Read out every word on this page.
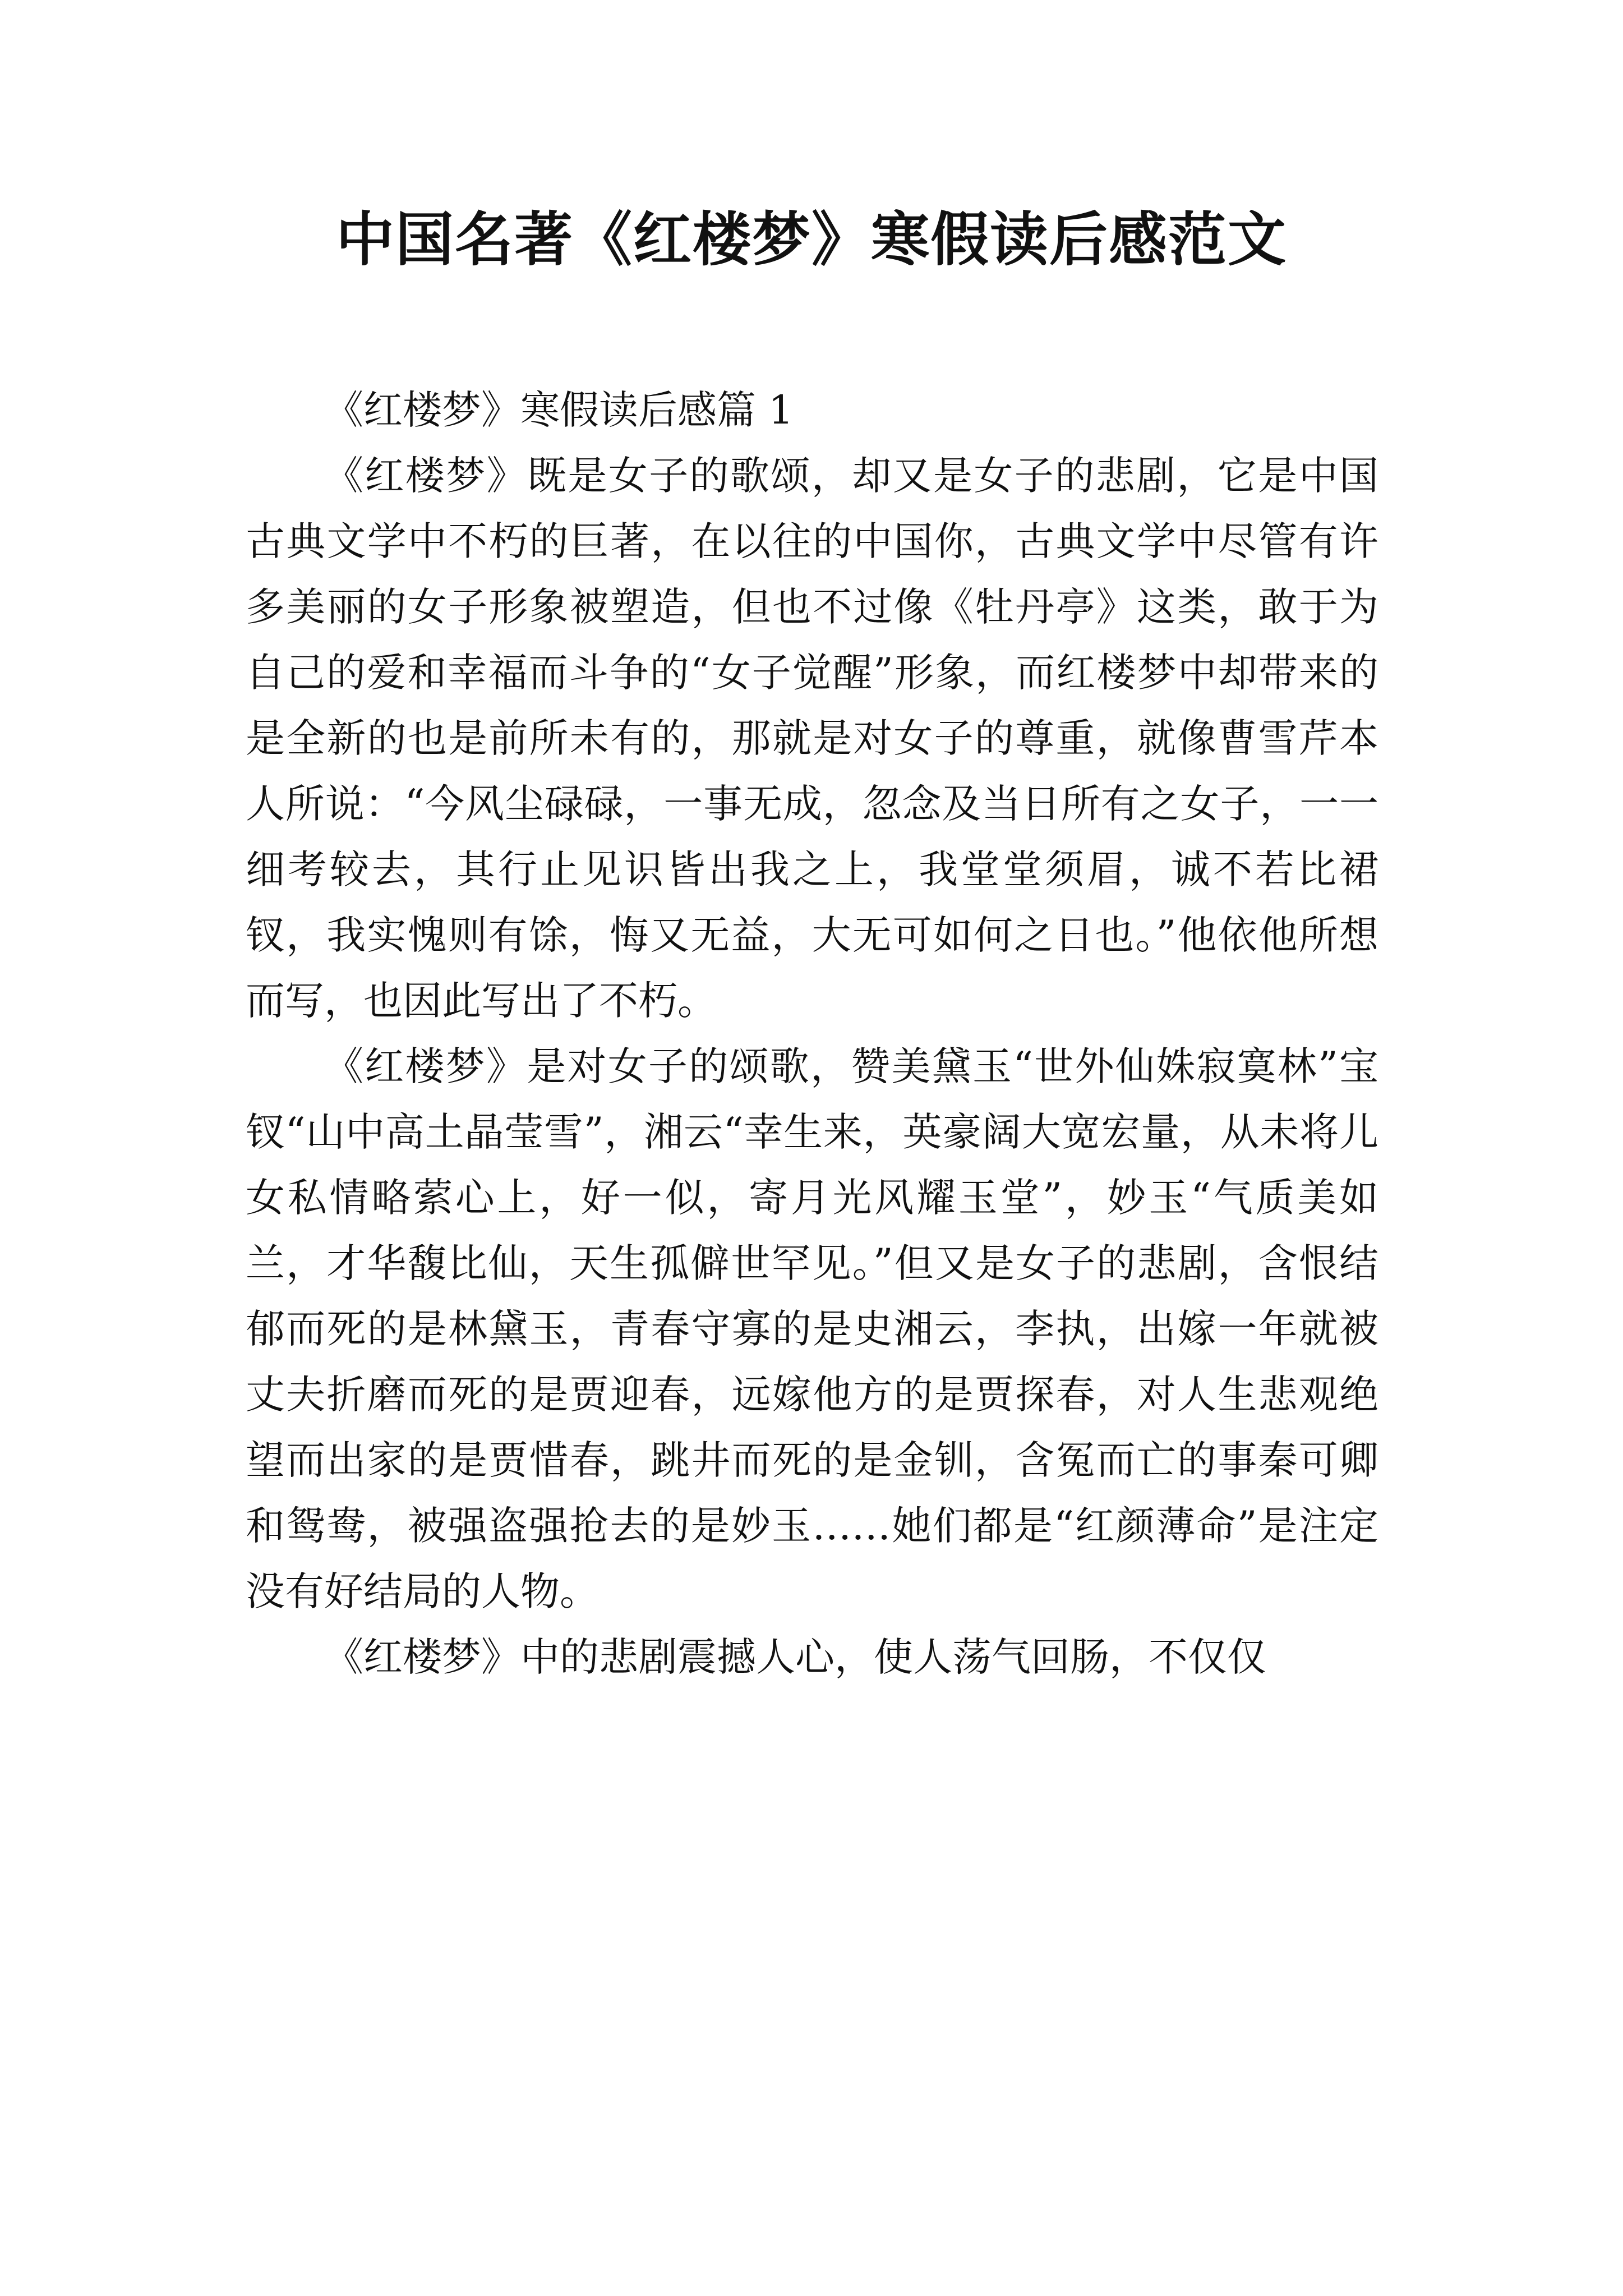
中国名著《红楼梦》寒假读后感范文

《红楼梦》寒假读后感篇 1

《红楼梦》既是女子的歌颂，却又是女子的悲剧，它是中国古典文学中不朽的巨著，在以往的中国你，古典文学中尽管有许多美丽的女子形象被塑造，但也不过像《牡丹亭》这类，敢于为自己的爱和幸福而斗争的“女子觉醒”形象，而红楼梦中却带来的是全新的也是前所未有的，那就是对女子的尊重，就像曹雪芹本人所说：“今风尘碌碌，一事无成，忽念及当日所有之女子，一一细考较去，其行止见识皆出我之上，我堂堂须眉，诚不若比裙钗，我实愧则有馀，悔又无益，大无可如何之日也。”他依他所想而写，也因此写出了不朽。

《红楼梦》是对女子的颂歌，赞美黛玉“世外仙姝寂寞林”宝钗“山中高土晶莹雪”，湘云“幸生来，英豪阔大宽宏量，从未将儿女私情略萦心上，好一似，寄月光风耀玉堂”，妙玉“气质美如兰，才华馥比仙，天生孤僻世罕见。”但又是女子的悲剧，含恨结郁而死的是林黛玉，青春守寡的是史湘云，李执，出嫁一年就被丈夫折磨而死的是贾迎春，远嫁他方的是贾探春，对人生悲观绝望而出家的是贾惜春，跳井而死的是金钏，含冤而亡的事秦可卿和鸳鸯，被强盗强抢去的是妙玉……她们都是“红颜薄命”是注定没有好结局的人物。

《红楼梦》中的悲剧震撼人心，使人荡气回肠，不仅仅
